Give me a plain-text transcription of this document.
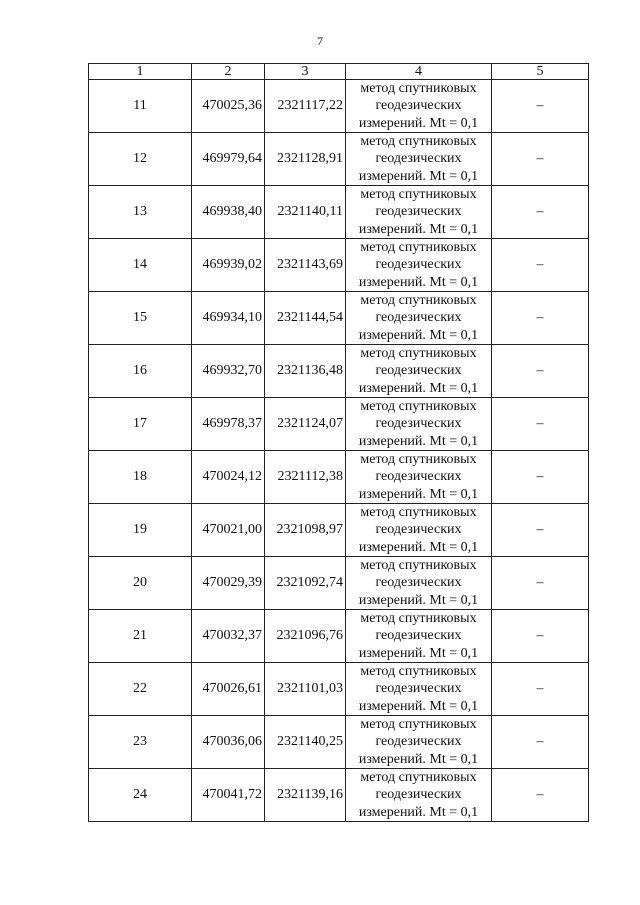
7
1	2	3	4	5
11	470025,36	2321117,22	метод спутниковых
геодезических
измерений. Mt = 0,1	–
12	469979,64	2321128,91	метод спутниковых
геодезических
измерений. Mt = 0,1	–
13	469938,40	2321140,11	метод спутниковых
геодезических
измерений. Mt = 0,1	–
14	469939,02	2321143,69	метод спутниковых
геодезических
измерений. Mt = 0,1	–
15	469934,10	2321144,54	метод спутниковых
геодезических
измерений. Mt = 0,1	–
16	469932,70	2321136,48	метод спутниковых
геодезических
измерений. Mt = 0,1	–
17	469978,37	2321124,07	метод спутниковых
геодезических
измерений. Mt = 0,1	–
18	470024,12	2321112,38	метод спутниковых
геодезических
измерений. Mt = 0,1	–
19	470021,00	2321098,97	метод спутниковых
геодезических
измерений. Mt = 0,1	–
20	470029,39	2321092,74	метод спутниковых
геодезических
измерений. Mt = 0,1	–
21	470032,37	2321096,76	метод спутниковых
геодезических
измерений. Mt = 0,1	–
22	470026,61	2321101,03	метод спутниковых
геодезических
измерений. Mt = 0,1	–
23	470036,06	2321140,25	метод спутниковых
геодезических
измерений. Mt = 0,1	–
24	470041,72	2321139,16	метод спутниковых
геодезических
измерений. Mt = 0,1	–
